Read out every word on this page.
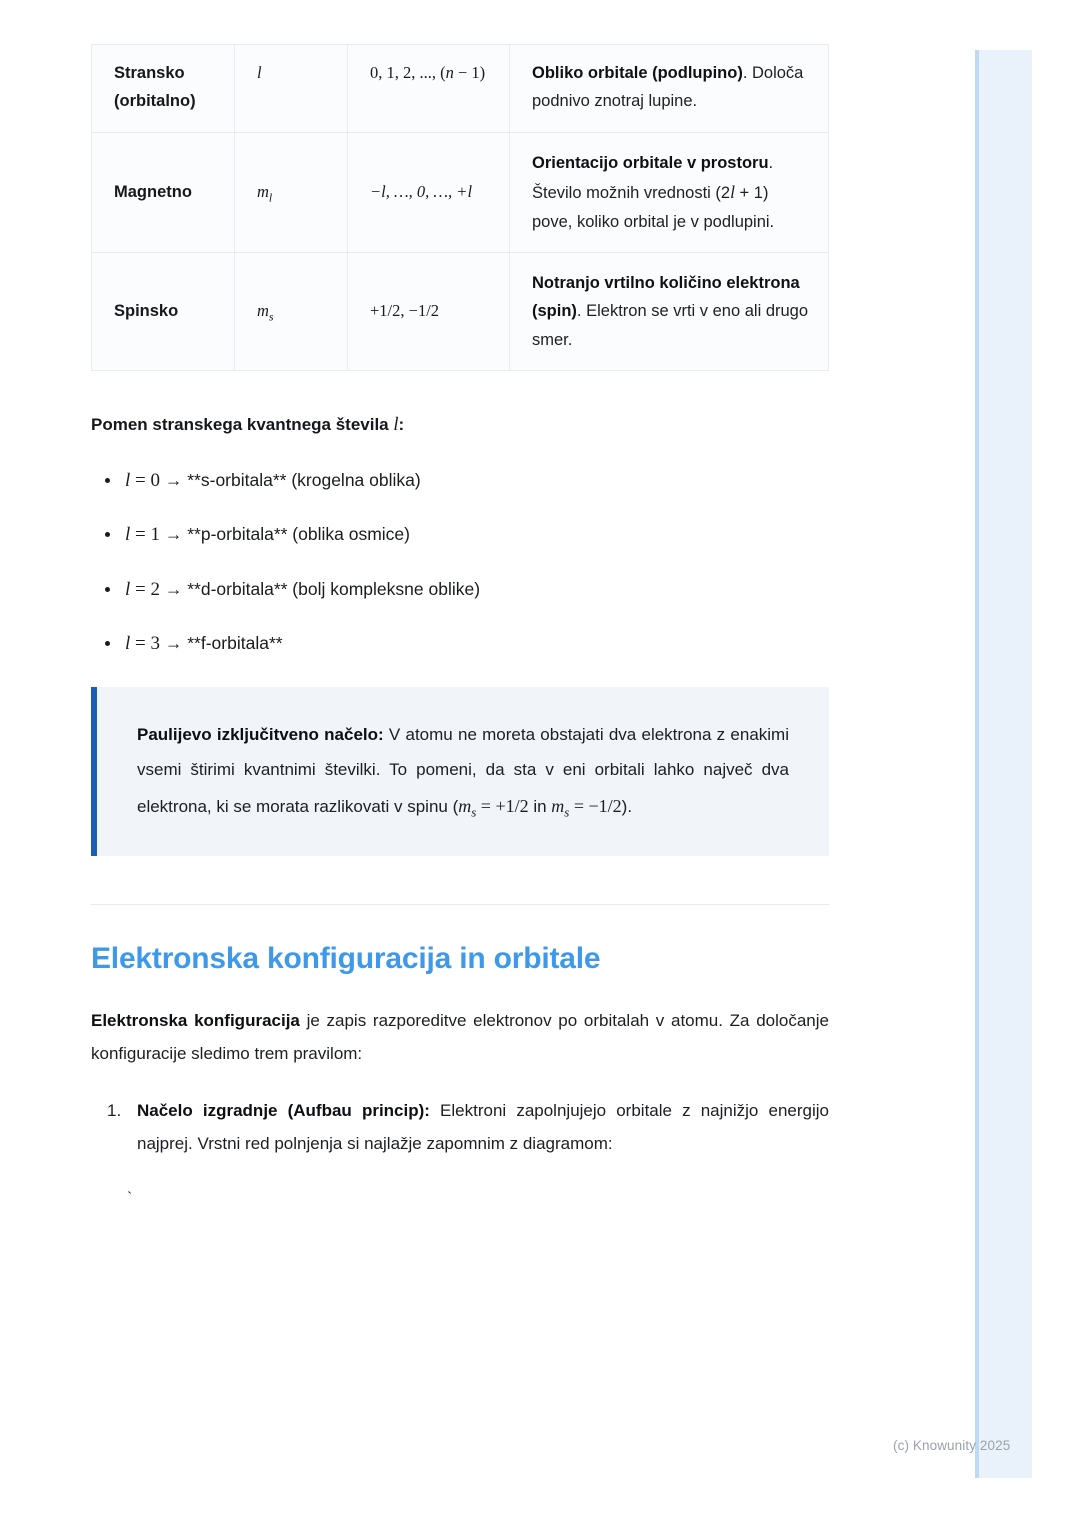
Stransko
(orbitalno)	l	0, 1, 2, ..., (n − 1)	Obliko orbitale (podlupino). Določa podnivo znotraj lupine.
Magnetno	$m_l$	−l, …, 0, …, +l	Orientacijo orbitale v prostoru. Število možnih vrednosti (2l + 1) pove, koliko orbital je v podlupini.
Spinsko	$m_s$	+1/2, −1/2	Notranjo vrtilno količino elektrona (spin). Elektron se vrti v eno ali drugo smer.
Pomen stranskega kvantnega števila l:
l = 0 → **s-orbitala** (krogelna oblika)
l = 1 → **p-orbitala** (oblika osmice)
l = 2 → **d-orbitala** (bolj kompleksne oblike)
l = 3 → **f-orbitala**
Paulijevo izključitveno načelo: V atomu ne moreta obstajati dva elektrona z enakimi vsemi štirimi kvantnimi številki. To pomeni, da sta v eni orbitali lahko največ dva elektrona, ki se morata razlikovati v spinu ($m_s = +1/2$ in $m_s = -1/2$).
Elektronska konfiguracija in orbitale

Elektronska konfiguracija je zapis razporeditve elektronov po orbitalah v atomu. Za določanje konfiguracije sledimo trem pravilom:

Načelo izgradnje (Aufbau princip): Elektroni zapolnjujejo orbitale z najnižjo energijo najprej. Vrstni red polnjenja si najlažje zapomnim z diagramom:
`
(c) Knowunity 2025
